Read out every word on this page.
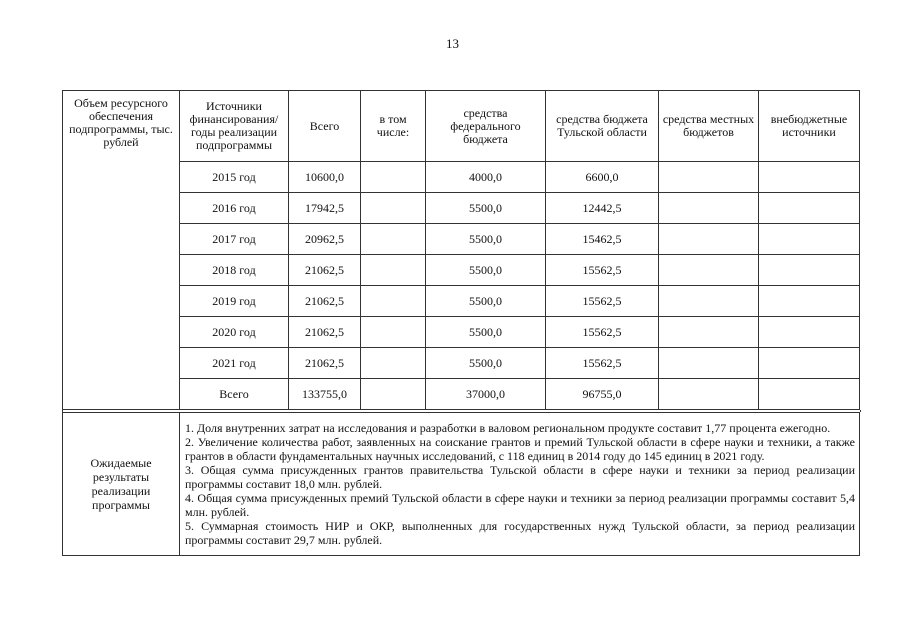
13
Объем ресурсного обеспечения подпрограммы, тыс. рублей	Источники финансирования/ годы реализации подпрограммы	Всего	в том числе:	средства федерального бюджета	средства бюджета Тульской области	средства местных бюджетов	внебюджетные источники
	2015 год	10600,0		4000,0	6600,0		
	2016 год	17942,5		5500,0	12442,5		
	2017 год	20962,5		5500,0	15462,5		
	2018 год	21062,5		5500,0	15562,5		
	2019 год	21062,5		5500,0	15562,5		
	2020 год	21062,5		5500,0	15562,5		
	2021 год	21062,5		5500,0	15562,5		
	Всего	133755,0		37000,0	96755,0		
Ожидаемые результаты реализации программы	

1. Доля внутренних затрат на исследования и разработки в валовом региональном продукте составит 1,77 процента ежегодно.

2. Увеличение количества работ, заявленных на соискание грантов и премий Тульской области в сфере науки и техники, а также грантов в области фундаментальных научных исследований, с 118 единиц в 2014 году до 145 единиц в 2021 году.

3. Общая сумма присужденных грантов правительства Тульской области в сфере науки и техники за период реализации программы составит 18,0 млн. рублей.

4. Общая сумма присужденных премий Тульской области в сфере науки и техники за период реализации программы составит 5,4 млн. рублей.

5. Суммарная стоимость НИР и ОКР, выполненных для государственных нужд Тульской области, за период реализации программы составит 29,7 млн. рублей.
